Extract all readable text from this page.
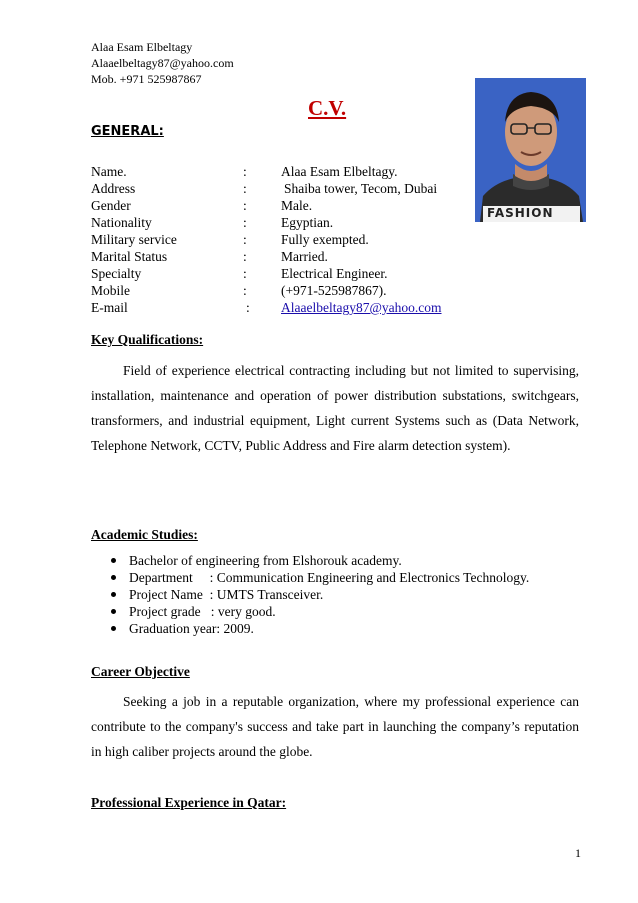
Alaa Esam Elbeltagy
Alaaelbeltagy87@yahoo.com
Mob. +971 525987867
C.V.
FASHION
GENERAL:
Name.	:	Alaa Esam Elbeltagy.
Address	:	Shaiba tower, Tecom, Dubai
Gender	:	Male.
Nationality	:	Egyptian.
Military service	:	Fully exempted.
Marital Status	:	Married.
Specialty	:	Electrical Engineer.
Mobile	:	(+971-525987867).
E-mail	: Alaaelbeltagy87@yahoo.com
Key Qualifications:
Field of experience electrical contracting including but not limited to supervising, installation, maintenance and operation of power distribution substations, switchgears, transformers, and industrial equipment, Light current Systems such as (Data Network, Telephone Network, CCTV, Public Address and Fire alarm detection system).
Academic Studies:
Bachelor of engineering from Elshorouk academy.
Department     : Communication Engineering and Electronics Technology.
Project Name  : UMTS Transceiver.
Project grade   : very good.
Graduation year: 2009.
Career Objective
Seeking a job in a reputable organization, where my professional experience can contribute to the company's success and take part in launching the company’s reputation in high caliber projects around the globe.
Professional Experience in Qatar:
1
